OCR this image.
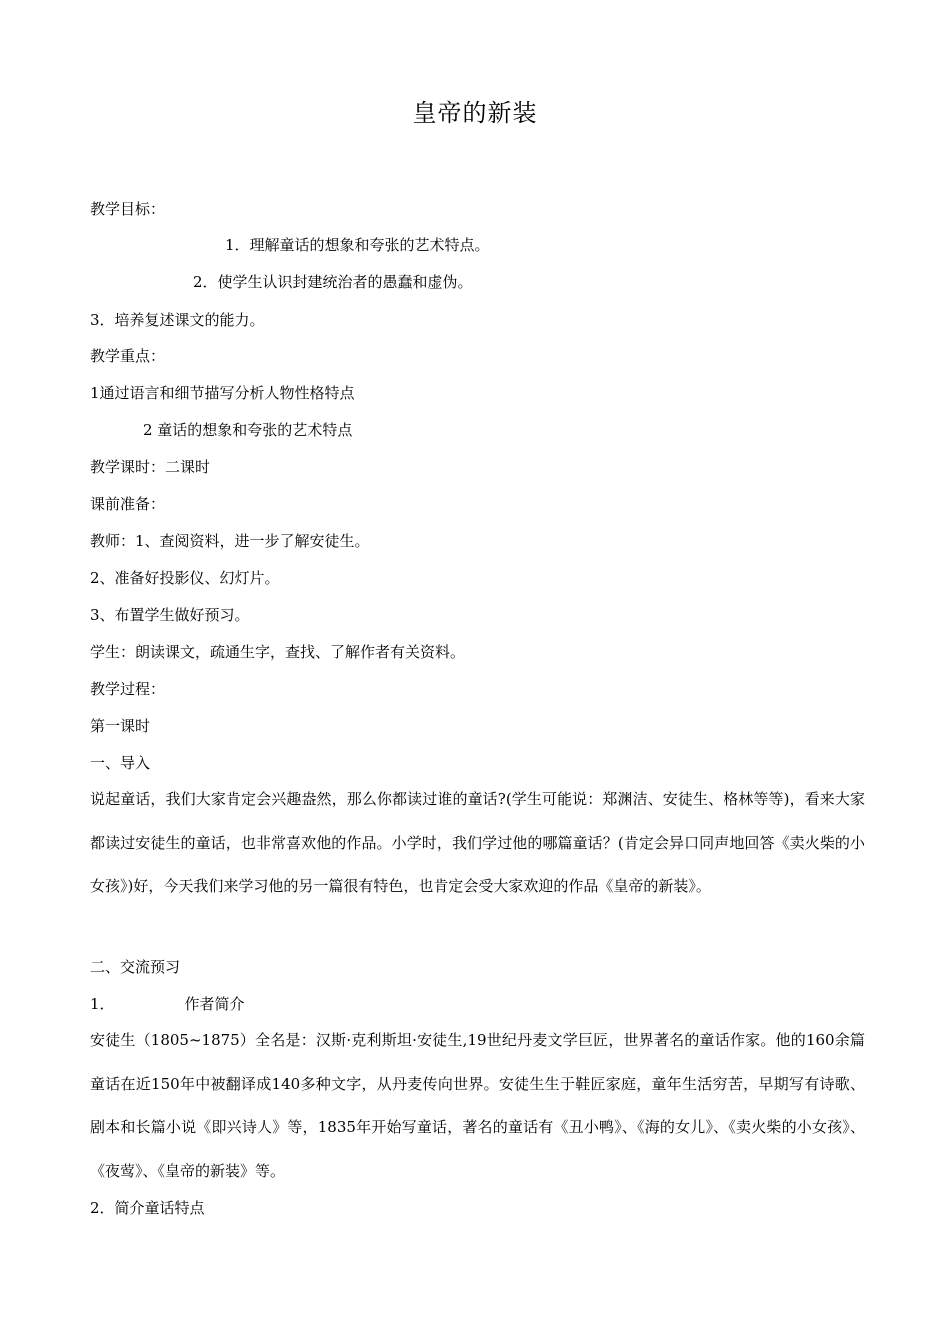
皇帝的新装
教学目标：
1．理解童话的想象和夸张的艺术特点。
2．使学生认识封建统治者的愚蠢和虚伪。
3．培养复述课文的能力。
教学重点：
1通过语言和细节描写分析人物性格特点
2 童话的想象和夸张的艺术特点
教学课时：二课时
课前准备：
教师：1、查阅资料，进一步了解安徒生。
2、准备好投影仪、幻灯片。
3、布置学生做好预习。
学生：朗读课文，疏通生字，查找、了解作者有关资料。
教学过程：
第一课时
一、导入
说起童话，我们大家肯定会兴趣盎然，那么你都读过谁的童话?(学生可能说：郑渊洁、安徒生、格林等等)，看来大家都读过安徒生的童话，也非常喜欢他的作品。小学时，我们学过他的哪篇童话？(肯定会异口同声地回答《卖火柴的小女孩》)好，今天我们来学习他的另一篇很有特色，也肯定会受大家欢迎的作品《皇帝的新装》。
二、交流预习
1．	作者简介
安徒生（1805~1875）全名是：汉斯·克利斯坦·安徒生,19世纪丹麦文学巨匠，世界著名的童话作家。他的160余篇童话在近150年中被翻译成140多种文字，从丹麦传向世界。安徒生生于鞋匠家庭，童年生活穷苦，早期写有诗歌、剧本和长篇小说《即兴诗人》等，1835年开始写童话，著名的童话有《丑小鸭》、《海的女儿》、《卖火柴的小女孩》、《夜莺》、《皇帝的新装》等。
2．简介童话特点
